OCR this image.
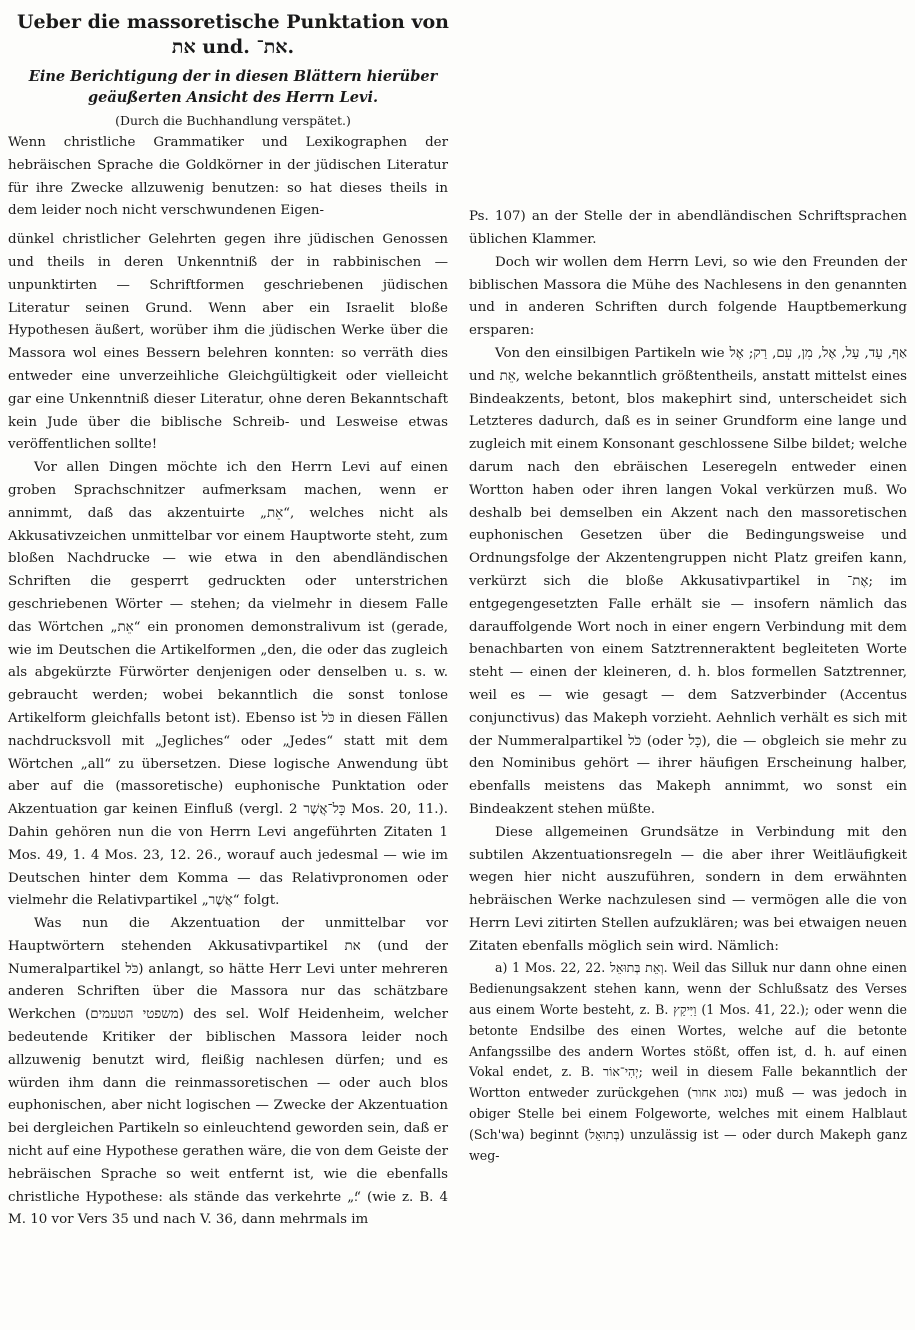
Ueber die massoretische Punktation von את und. את־.
Eine Berichtigung der in diesen Blättern hierüber geäußerten Ansicht des Herrn Levi.
(Durch die Buchhandlung verspätet.)

Wenn christliche Grammatiker und Lexikographen der hebräischen Sprache die Goldkörner in der jüdischen Literatur für ihre Zwecke allzuwenig benutzen: so hat dieses theils in dem leider noch nicht verschwundenen Eigen-

dünkel christlicher Gelehrten gegen ihre jüdischen Genossen und theils in deren Unkenntniß der in rabbinischen — unpunktirten — Schriftformen geschriebenen jüdischen Literatur seinen Grund. Wenn aber ein Israelit bloße Hypothesen äußert, worüber ihm die jüdischen Werke über die Massora wol eines Bessern belehren konnten: so verräth dies entweder eine unverzeihliche Gleichgültigkeit oder vielleicht gar eine Unkenntniß dieser Literatur, ohne deren Bekanntschaft kein Jude über die biblische Schreib- und Lesweise etwas veröffentlichen sollte!

Vor allen Dingen möchte ich den Herrn Levi auf einen groben Sprachschnitzer aufmerksam machen, wenn er annimmt, daß das akzentuirte „אֵת“, welches nicht als Akkusativzeichen unmittelbar vor einem Hauptworte steht, zum bloßen Nachdrucke — wie etwa in den abendländischen Schriften die gesperrt gedruckten oder unterstrichen geschriebenen Wörter — stehen; da vielmehr in diesem Falle das Wörtchen „אֵת“ ein pronomen demonstralivum ist (gerade, wie im Deutschen die Artikelformen „den, die oder das zugleich als abgekürzte Fürwörter denjenigen oder denselben u. s. w. gebraucht werden; wobei bekanntlich die sonst tonlose Artikelform gleichfalls betont ist). Ebenso ist כֹּל in diesen Fällen nachdrucksvoll mit „Jegliches“ oder „Jedes“ statt mit dem Wörtchen „all“ zu übersetzen. Diese logische Anwendung übt aber auf die (massoretische) euphonische Punktation oder Akzentuation gar keinen Einfluß (vergl. כָּל־אֲשֶׁר 2 Mos. 20, 11.). Dahin gehören nun die von Herrn Levi angeführten Zitaten 1 Mos. 49, 1. 4 Mos. 23, 12. 26., worauf auch jedesmal — wie im Deutschen hinter dem Komma — das Relativpronomen oder vielmehr die Relativpartikel „אֲשֶׁר“ folgt.

Was nun die Akzentuation der unmittelbar vor Hauptwörtern stehenden Akkusativpartikel את (und der Numeralpartikel כֹּל) anlangt, so hätte Herr Levi unter mehreren anderen Schriften über die Massora nur das schätzbare Werkchen (משפטי הטעמים) des sel. Wolf Heidenheim, welcher bedeutende Kritiker der biblischen Massora leider noch allzuwenig benutzt wird, fleißig nachlesen dürfen; und es würden ihm dann die reinmassoretischen — oder auch blos euphonischen, aber nicht logischen — Zwecke der Akzentuation bei dergleichen Partikeln so einleuchtend geworden sein, daß er nicht auf eine Hypothese gerathen wäre, die von dem Geiste der hebräischen Sprache so weit entfernt ist, wie die ebenfalls christliche Hypothese: als stände das verkehrte „׃“ (wie z. B. 4 M. 10 vor Vers 35 und nach V. 36, dann mehrmals im

Ps. 107) an der Stelle der in abendländischen Schriftsprachen üblichen Klammer.

Doch wir wollen dem Herrn Levi, so wie den Freunden der biblischen Massora die Mühe des Nachlesens in den genannten und in anderen Schriften durch folgende Hauptbemerkung ersparen:

Von den einsilbigen Partikeln wie אַף, עַד, עַל, אֶל, מִן, עִם, רַק; אֶל und אֵת, welche bekanntlich größtentheils, anstatt mittelst eines Bindeakzents, betont, blos makephirt sind, unterscheidet sich Letzteres dadurch, daß es in seiner Grundform eine lange und zugleich mit einem Konsonant geschlossene Silbe bildet; welche darum nach den ebräischen Leseregeln entweder einen Wortton haben oder ihren langen Vokal verkürzen muß. Wo deshalb bei demselben ein Akzent nach den massoretischen euphonischen Gesetzen über die Bedingungsweise und Ordnungsfolge der Akzentengruppen nicht Platz greifen kann, verkürzt sich die bloße Akkusativpartikel in אֶת־; im entgegengesetzten Falle erhält sie — insofern nämlich das darauffolgende Wort noch in einer engern Verbindung mit dem benachbarten von einem Satztrenneraktent begleiteten Worte steht — einen der kleineren, d. h. blos formellen Satztrenner, weil es — wie gesagt — dem Satzverbinder (Accentus conjunctivus) das Makeph vorzieht. Aehnlich verhält es sich mit der Nummeralpartikel כֹּל (oder כָּל), die — obgleich sie mehr zu den Nominibus gehört — ihrer häufigen Erscheinung halber, ebenfalls meistens das Makeph annimmt, wo sonst ein Bindeakzent stehen müßte.

Diese allgemeinen Grundsätze in Verbindung mit den subtilen Akzentuationsregeln — die aber ihrer Weitläufigkeit wegen hier nicht auszuführen, sondern in dem erwähnten hebräischen Werke nachzulesen sind — vermögen alle die von Herrn Levi zitirten Stellen aufzuklären; was bei etwaigen neuen Zitaten ebenfalls möglich sein wird. Nämlich:

a) 1 Mos. 22, 22. וְאֵת בְּתוּאֵל. Weil das Silluk nur dann ohne einen Bedienungsakzent stehen kann, wenn der Schlußsatz des Verses aus einem Worte besteht, z. B. וַיִּיקַץ (1 Mos. 41, 22.); oder wenn die betonte Endsilbe des einen Wortes, welche auf die betonte Anfangssilbe des andern Wortes stößt, offen ist, d. h. auf einen Vokal endet, z. B. יְהִי־אוֹר; weil in diesem Falle bekanntlich der Wortton entweder zurückgehen (נסוג אחור) muß — was jedoch in obiger Stelle bei einem Folgeworte, welches mit einem Halblaut (Sch'wa) beginnt (בְּתוּאֵל) unzulässig ist — oder durch Makeph ganz weg-
